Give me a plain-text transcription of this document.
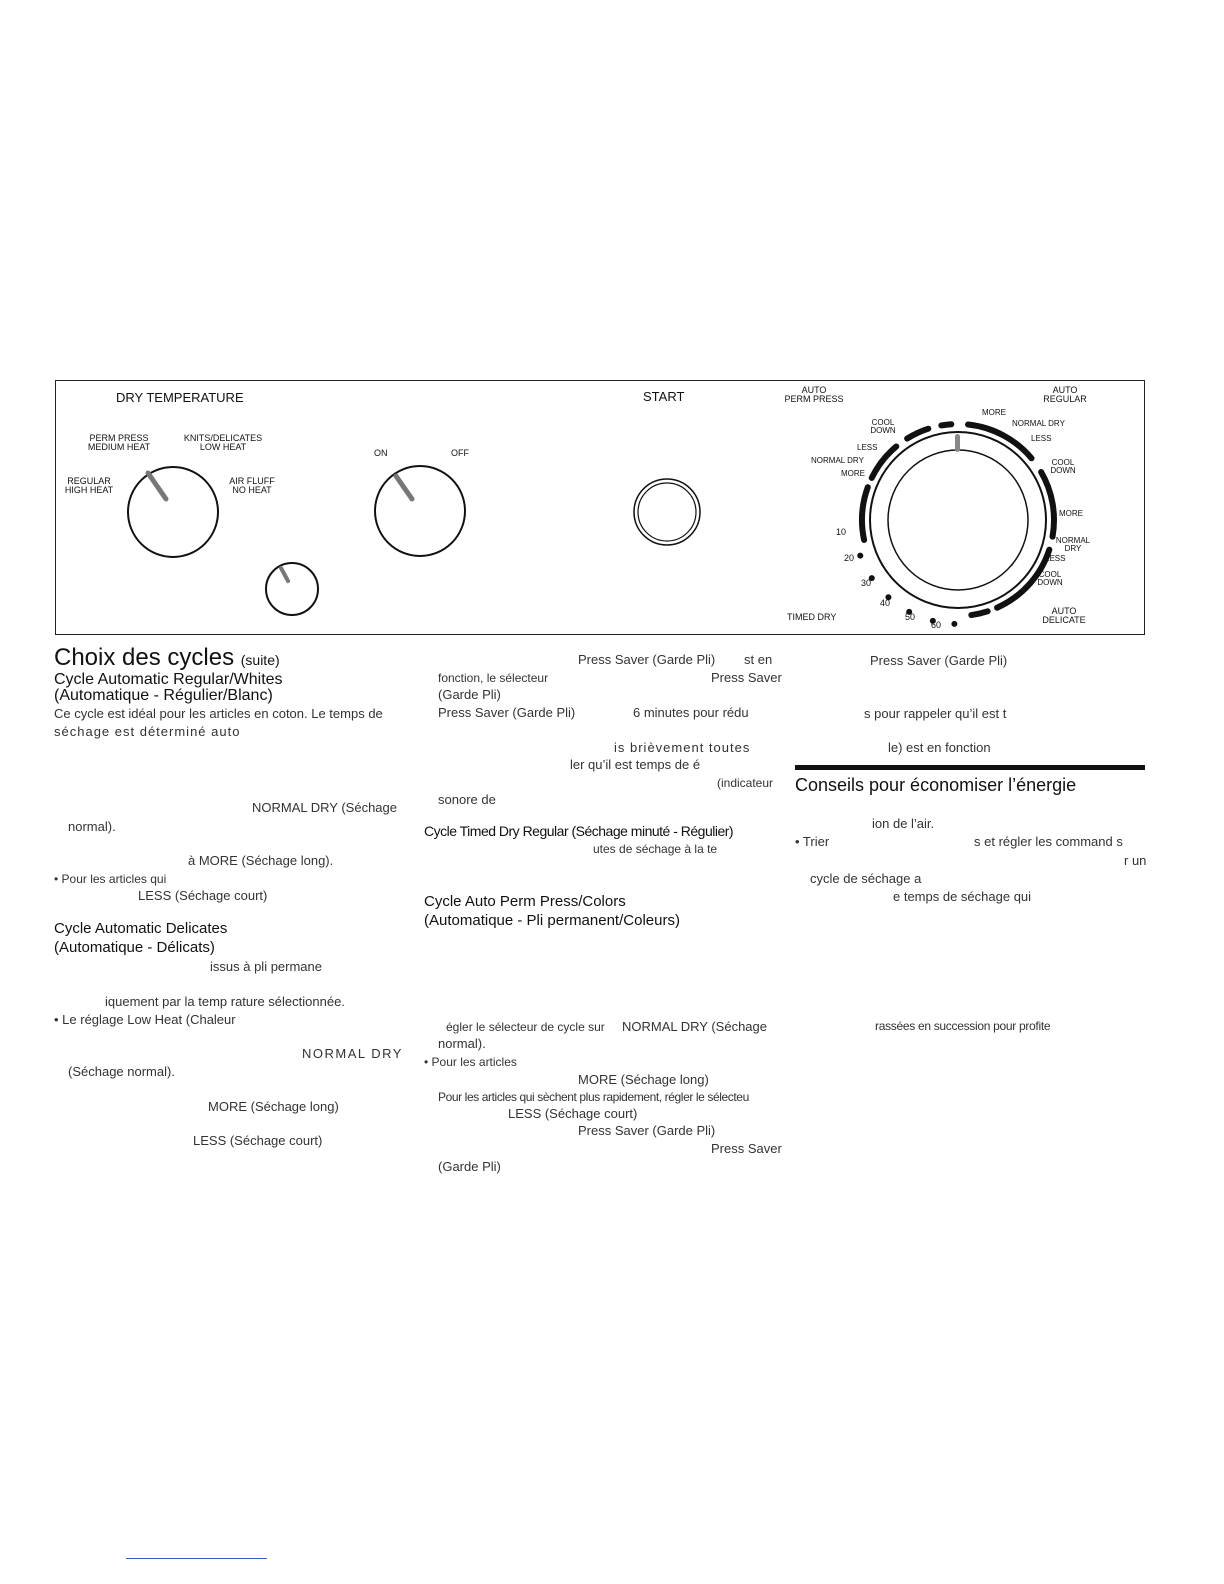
DRY TEMPERATURE
PERM PRESS
MEDIUM HEAT
KNITS/DELICATES
LOW HEAT
REGULAR
HIGH HEAT
AIR FLUFF
NO HEAT
ON	OFF
START	AUTO
PERM PRESS
AUTO
REGULAR
COOL
DOWN
MORE
NORMAL DRY
LESS
LESS
NORMAL DRY
MORE
COOL
DOWN
MORE
NORMAL
DRY
LESS
COOL
DOWN
10
20
30
40
50
60
TIMED DRY
AUTO
DELICATE
Choix des cycles (suite)
Cycle Automatic Regular/Whites
(Automatique - Régulier/Blanc)
Ce cycle est idéal pour les articles en coton. Le temps de
séchage est déterminé auto
NORMAL DRY (Séchage
normal).
à MORE (Séchage long).
• Pour les articles qui
LESS (Séchage court)
Cycle Automatic Delicates
(Automatique - Délicats)
issus à pli permane
iquement par la temp rature sélectionnée.
• Le réglage Low Heat (Chaleur
NORMAL DRY
(Séchage normal).
MORE (Séchage long)
LESS (Séchage court)
Press Saver (Garde Pli) st en
fonction, le sélecteur	Press Saver
(Garde Pli)
Press Saver (Garde Pli)	6 minutes pour rédu
is brièvement toutes
ler qu’il est temps de é
(indicateur
sonore de
Cycle Timed Dry Regular (Séchage minuté - Régulier)
utes de séchage à la te
Cycle Auto Perm Press/Colors
(Automatique - Pli permanent/Coleurs)
égler le sélecteur de cycle sur NORMAL DRY (Séchage
normal).
• Pour les articles
MORE (Séchage long)
Pour les articles qui sèchent plus rapidement, régler le sélecteu
LESS (Séchage court)
Press Saver (Garde Pli)
Press Saver
(Garde Pli)
Press Saver (Garde Pli)
s pour rappeler qu’il est t
le) est en fonction
Conseils pour économiser l’énergie
ion de l’air.
• Trier	s et régler les command s
r un
cycle de séchage a
e temps de séchage qui
rassées en succession pour profite
